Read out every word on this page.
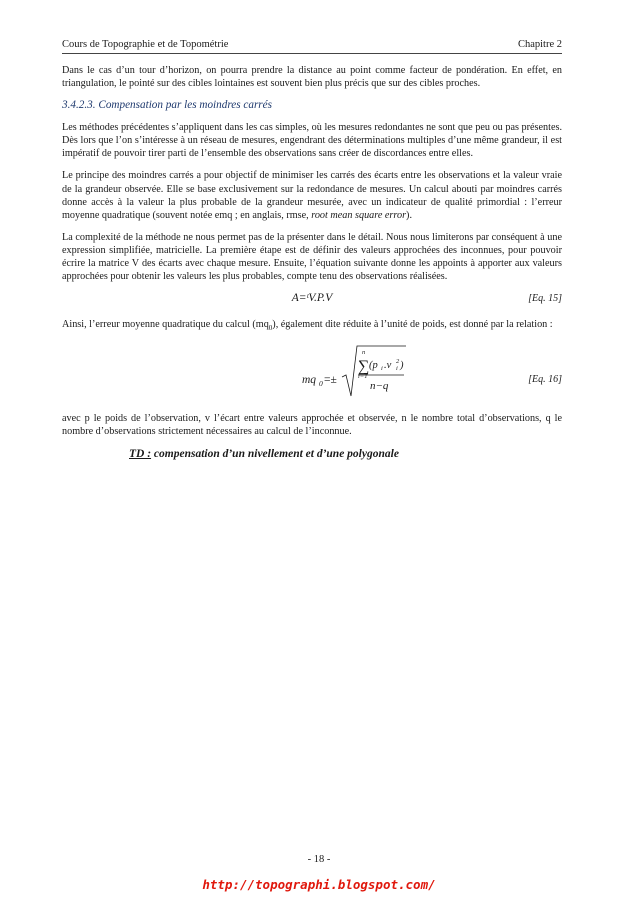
Cours de Topographie et de Topométrie	Chapitre 2

Dans le cas d’un tour d’horizon, on pourra prendre la distance au point comme facteur de pondération. En effet, en triangulation, le pointé sur des cibles lointaines est souvent bien plus précis que sur des cibles proches.

3.4.2.3. Compensation par les moindres carrés

Les méthodes précédentes s’appliquent dans les cas simples, où les mesures redondantes ne sont que peu ou pas présentes. Dès lors que l’on s’intéresse à un réseau de mesures, engendrant des déterminations multiples d’une même grandeur, il est impératif de pouvoir tirer parti de l’ensemble des observations sans créer de discordances entre elles.

Le principe des moindres carrés a pour objectif de minimiser les carrés des écarts entre les observations et la valeur vraie de la grandeur observée. Elle se base exclusivement sur la redondance de mesures. Un calcul abouti par moindres carrés donne accès à la valeur la plus probable de la grandeur mesurée, avec un indicateur de qualité primordial : l’erreur moyenne quadratique (souvent notée emq ; en anglais, rmse, root mean square error).

La complexité de la méthode ne nous permet pas de la présenter dans le détail. Nous nous limiterons par conséquent à une expression simplifiée, matricielle. La première étape est de définir des valeurs approchées des inconnues, pour pouvoir écrire la matrice V des écarts avec chaque mesure. Ensuite, l’équation suivante donne les appoints à apporter aux valeurs approchées pour obtenir les valeurs les plus probables, compte tenu des observations réalisées.

A=ᵗV.P.V	[Eq. 15]

Ainsi, l’erreur moyenne quadratique du calcul $(mq_0)$, également dite réduite à l’unité de poids, est donné par la relation :

mq 0 =±
n
∑
i=1
(p i .v i
2 )
n−q
[Eq. 16]

avec p le poids de l’observation, v l’écart entre valeurs approchée et observée, n le nombre total d’observations, q le nombre d’observations strictement nécessaires au calcul de l’inconnue.

TD : compensation d’un nivellement et d’une polygonale
- 18 -
http://topographi.blogspot.com/
